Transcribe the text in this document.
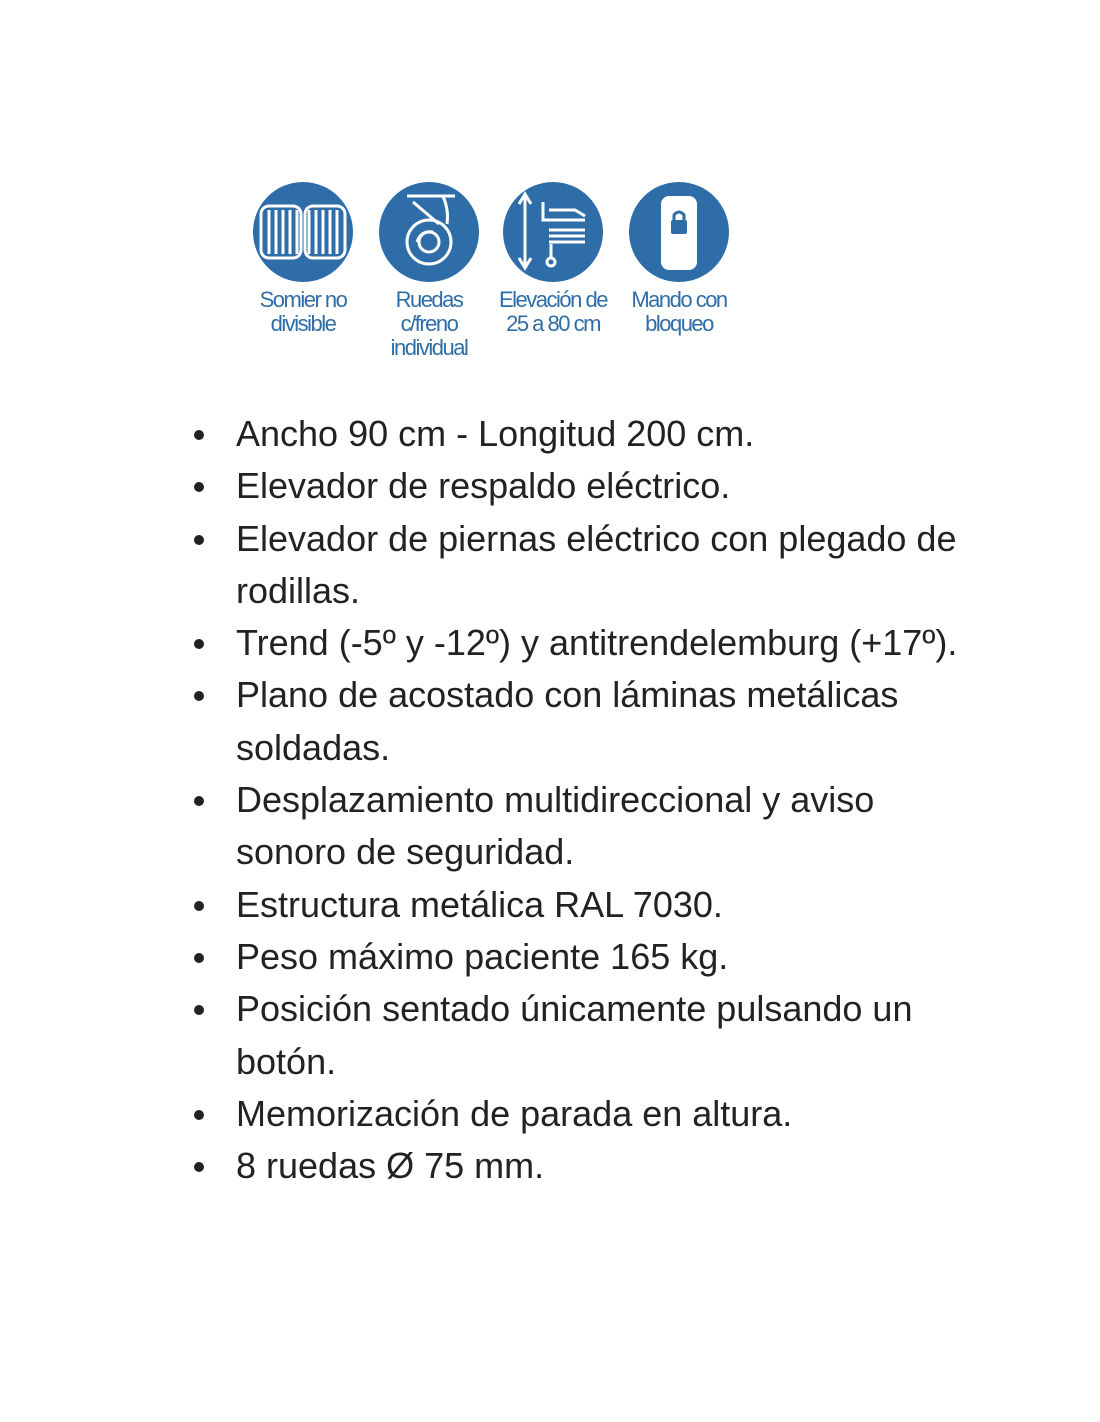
Somier no
divisible
Ruedas
c/freno
individual
Elevación de
25 a 80 cm
Mando con
bloqueo
Ancho 90 cm - Longitud 200 cm.
Elevador de respaldo eléctrico.
Elevador de piernas eléctrico con plegado de rodillas.
Trend (-5º y -12º) y antitrendelemburg (+17º).
Plano de acostado con láminas metálicas soldadas.
Desplazamiento multidireccional y aviso sonoro de seguridad.
Estructura metálica RAL 7030.
Peso máximo paciente 165 kg.
Posición sentado únicamente pulsando un botón.
Memorización de parada en altura.
8 ruedas Ø 75 mm.
